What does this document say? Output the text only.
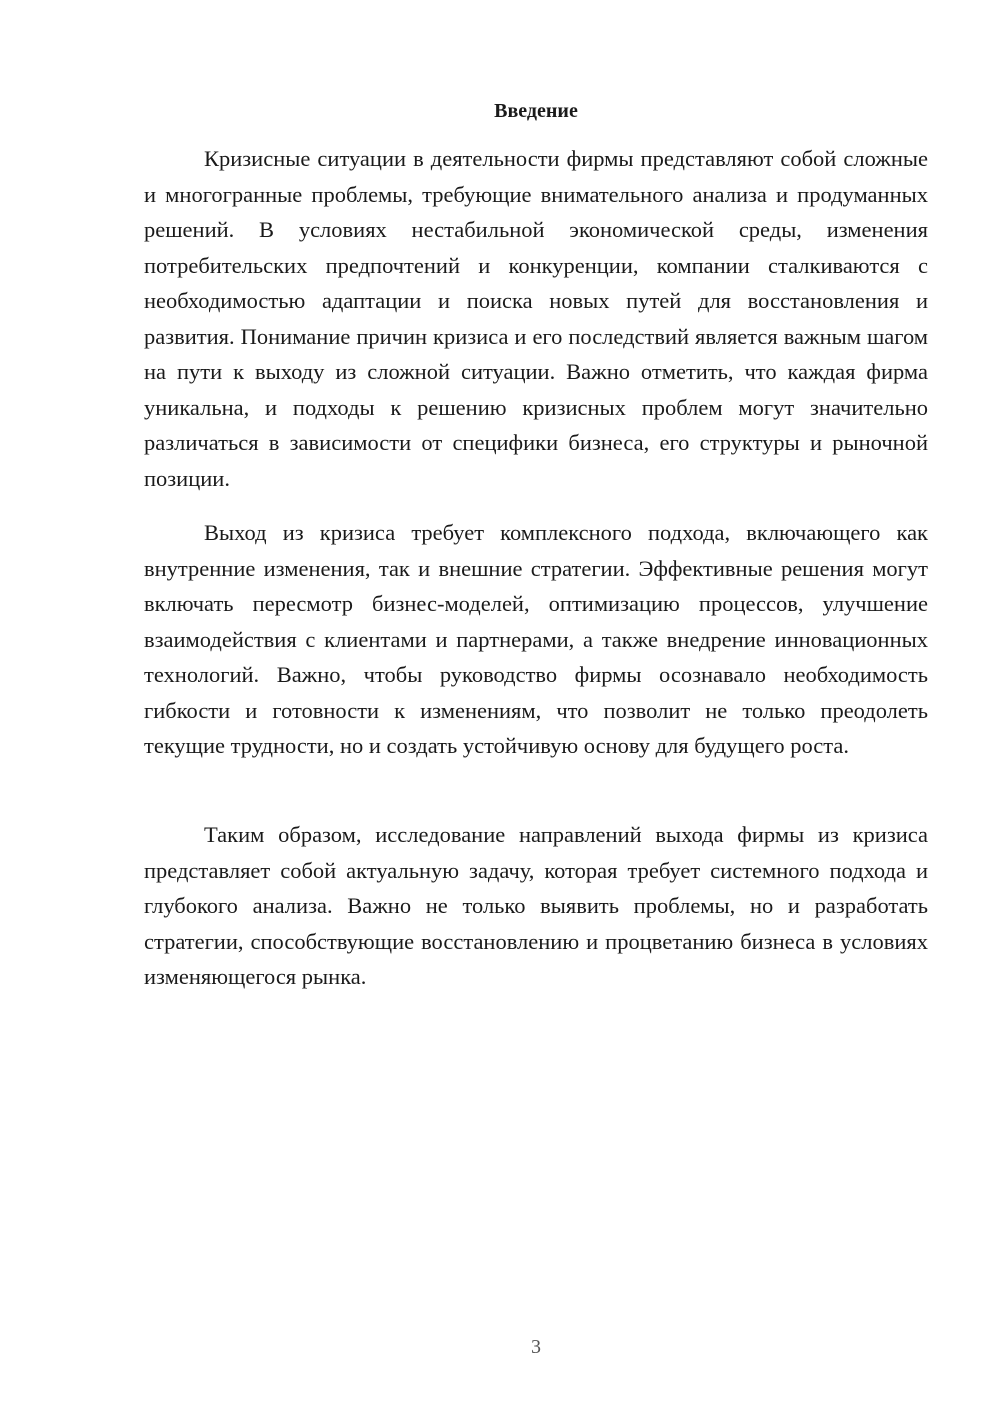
Введение

Кризисные ситуации в деятельности фирмы представляют собой сложные и многогранные проблемы, требующие внимательного анализа и продуманных решений. В условиях нестабильной экономической среды, изменения потребительских предпочтений и конкуренции, компании сталкиваются с необходимостью адаптации и поиска новых путей для восстановления и развития. Понимание причин кризиса и его последствий является важным шагом на пути к выходу из сложной ситуации. Важно отметить, что каждая фирма уникальна, и подходы к решению кризисных проблем могут значительно различаться в зависимости от специфики бизнеса, его структуры и рыночной позиции.

Выход из кризиса требует комплексного подхода, включающего как внутренние изменения, так и внешние стратегии. Эффективные решения могут включать пересмотр бизнес-моделей, оптимизацию процессов, улучшение взаимодействия с клиентами и партнерами, а также внедрение инновационных технологий. Важно, чтобы руководство фирмы осознавало необходимость гибкости и готовности к изменениям, что позволит не только преодолеть текущие трудности, но и создать устойчивую основу для будущего роста.

Таким образом, исследование направлений выхода фирмы из кризиса представляет собой актуальную задачу, которая требует системного подхода и глубокого анализа. Важно не только выявить проблемы, но и разработать стратегии, способствующие восстановлению и процветанию бизнеса в условиях изменяющегося рынка.

3
